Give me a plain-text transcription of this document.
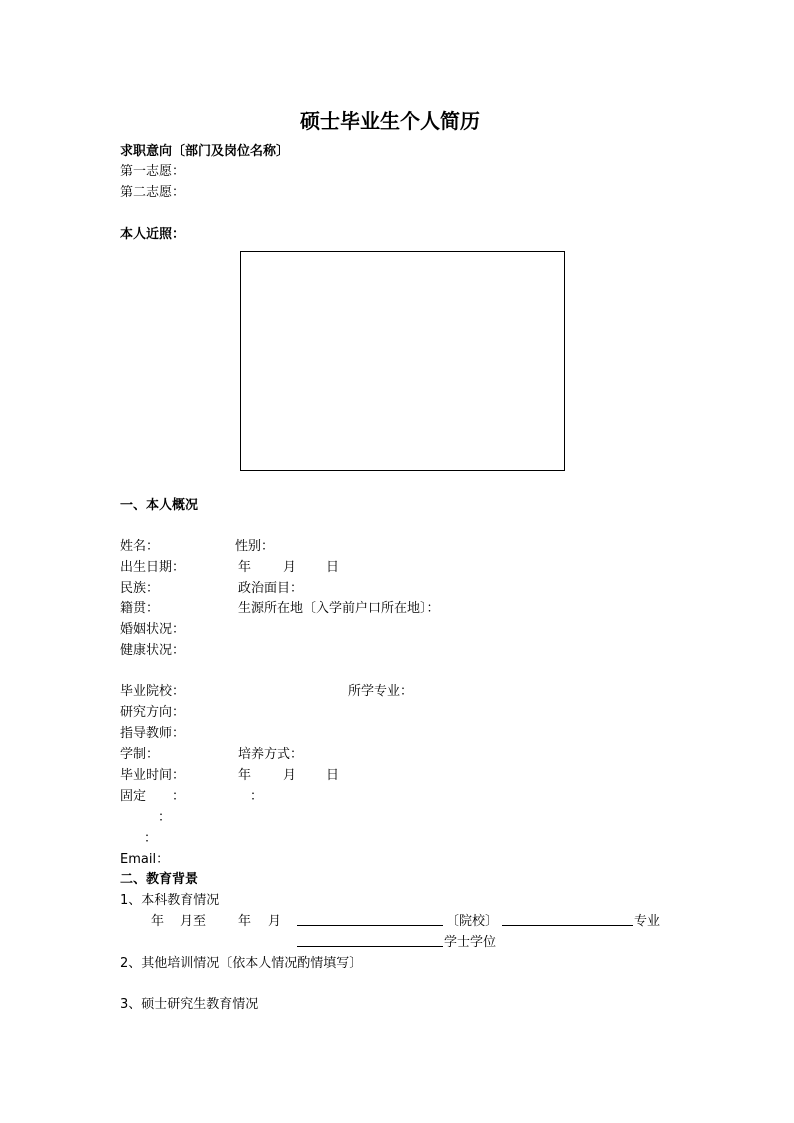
硕士毕业生个人简历
求职意向〔部门及岗位名称〕
第一志愿：
第二志愿：
本人近照：
一、本人概况
姓名：	性别：
出生日期：	年 月 日
民族：	政治面目：
籍贯：	生源所在地〔入学前户口所在地〕：
婚姻状况：
健康状况：
毕业院校：	所学专业：
研究方向：
指导教师：
学制：	培养方式：
毕业时间：	年 月 日
固定 ：	：
：
：
Email：
二、教育背景
1、本科教育情况
年 月至 年 月	〔院校〕	专业
学士学位
2、其他培训情况〔依本人情况酌情填写〕
3、硕士研究生教育情况
